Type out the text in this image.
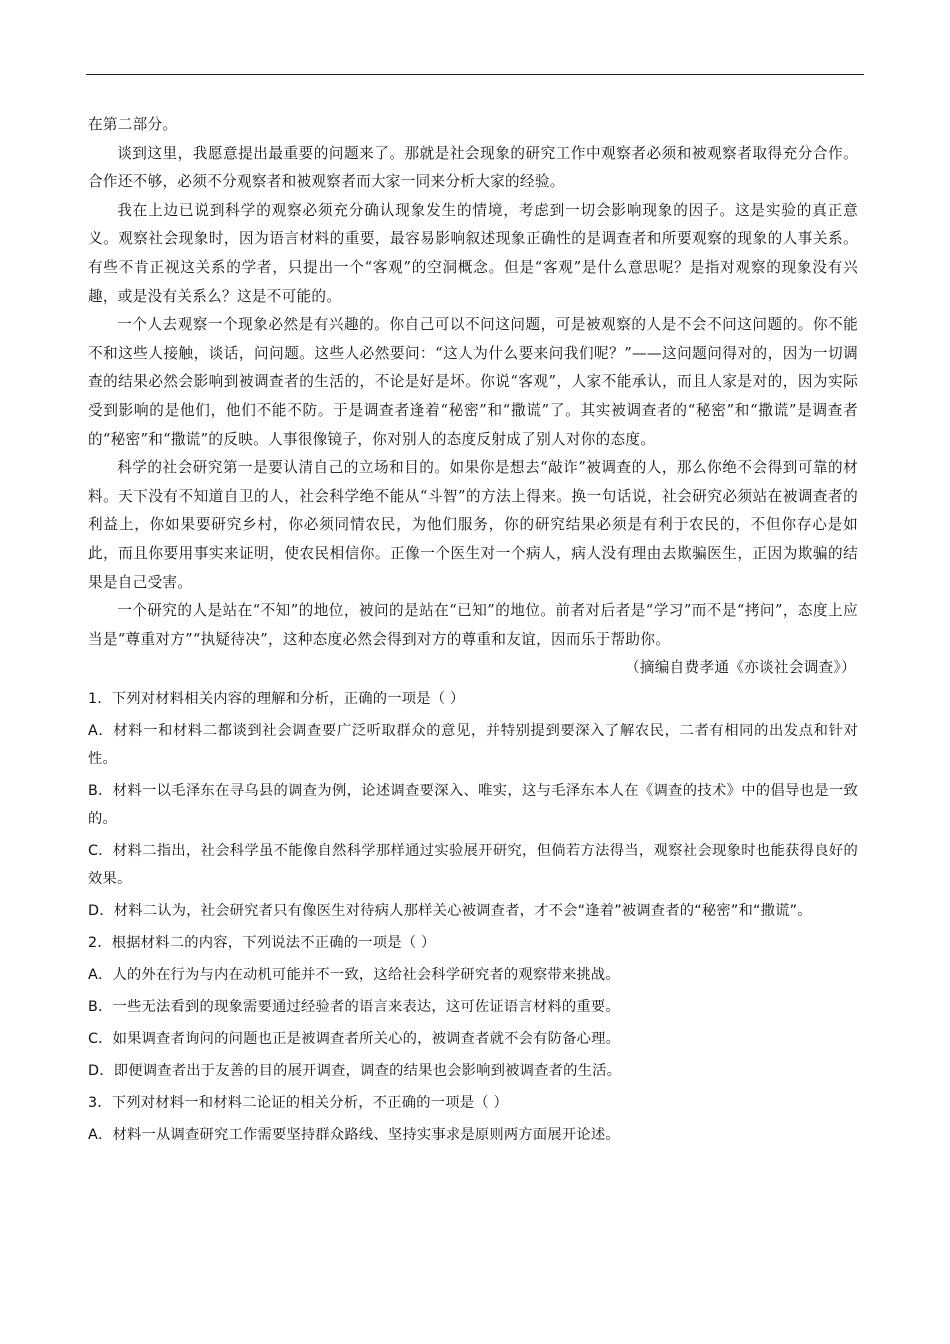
在第二部分。

谈到这里，我愿意提出最重要的问题来了。那就是社会现象的研究工作中观察者必须和被观察者取得充分合作。合作还不够，必须不分观察者和被观察者而大家一同来分析大家的经验。

我在上边已说到科学的观察必须充分确认现象发生的情境，考虑到一切会影响现象的因子。这是实验的真正意义。观察社会现象时，因为语言材料的重要，最容易影响叙述现象正确性的是调查者和所要观察的现象的人事关系。有些不肯正视这关系的学者，只提出一个“客观”的空洞概念。但是“客观”是什么意思呢？是指对观察的现象没有兴趣，或是没有关系么？这是不可能的。

一个人去观察一个现象必然是有兴趣的。你自己可以不问这问题，可是被观察的人是不会不问这问题的。你不能不和这些人接触，谈话，问问题。这些人必然要问：“这人为什么要来问我们呢？”——这问题问得对的，因为一切调查的结果必然会影响到被调查者的生活的，不论是好是坏。你说“客观”，人家不能承认，而且人家是对的，因为实际受到影响的是他们，他们不能不防。于是调查者逢着“秘密”和“撒谎”了。其实被调查者的“秘密”和“撒谎”是调查者的“秘密”和“撒谎”的反映。人事很像镜子，你对别人的态度反射成了别人对你的态度。

科学的社会研究第一是要认清自己的立场和目的。如果你是想去“敲诈”被调查的人，那么你绝不会得到可靠的材料。天下没有不知道自卫的人，社会科学绝不能从“斗智”的方法上得来。换一句话说，社会研究必须站在被调查者的利益上，你如果要研究乡村，你必须同情农民，为他们服务，你的研究结果必须是有利于农民的，不但你存心是如此，而且你要用事实来证明，使农民相信你。正像一个医生对一个病人，病人没有理由去欺骗医生，正因为欺骗的结果是自己受害。

一个研究的人是站在“不知”的地位，被问的是站在“已知”的地位。前者对后者是“学习”而不是“拷问”，态度上应当是“尊重对方”“执疑待决”，这种态度必然会得到对方的尊重和友谊，因而乐于帮助你。

（摘编自费孝通《亦谈社会调查》）

1．下列对材料相关内容的理解和分析，正确的一项是（ ）

A．材料一和材料二都谈到社会调查要广泛听取群众的意见，并特别提到要深入了解农民，二者有相同的出发点和针对性。

B．材料一以毛泽东在寻乌县的调查为例，论述调查要深入、唯实，这与毛泽东本人在《调查的技术》中的倡导也是一致的。

C．材料二指出，社会科学虽不能像自然科学那样通过实验展开研究，但倘若方法得当，观察社会现象时也能获得良好的效果。

D．材料二认为，社会研究者只有像医生对待病人那样关心被调查者，才不会“逢着”被调查者的“秘密”和“撒谎”。

2．根据材料二的内容，下列说法不正确的一项是（ ）

A．人的外在行为与内在动机可能并不一致，这给社会科学研究者的观察带来挑战。

B．一些无法看到的现象需要通过经验者的语言来表达，这可佐证语言材料的重要。

C．如果调查者询问的问题也正是被调查者所关心的，被调查者就不会有防备心理。

D．即便调查者出于友善的目的展开调查，调查的结果也会影响到被调查者的生活。

3．下列对材料一和材料二论证的相关分析，不正确的一项是（ ）

A．材料一从调查研究工作需要坚持群众路线、坚持实事求是原则两方面展开论述。
